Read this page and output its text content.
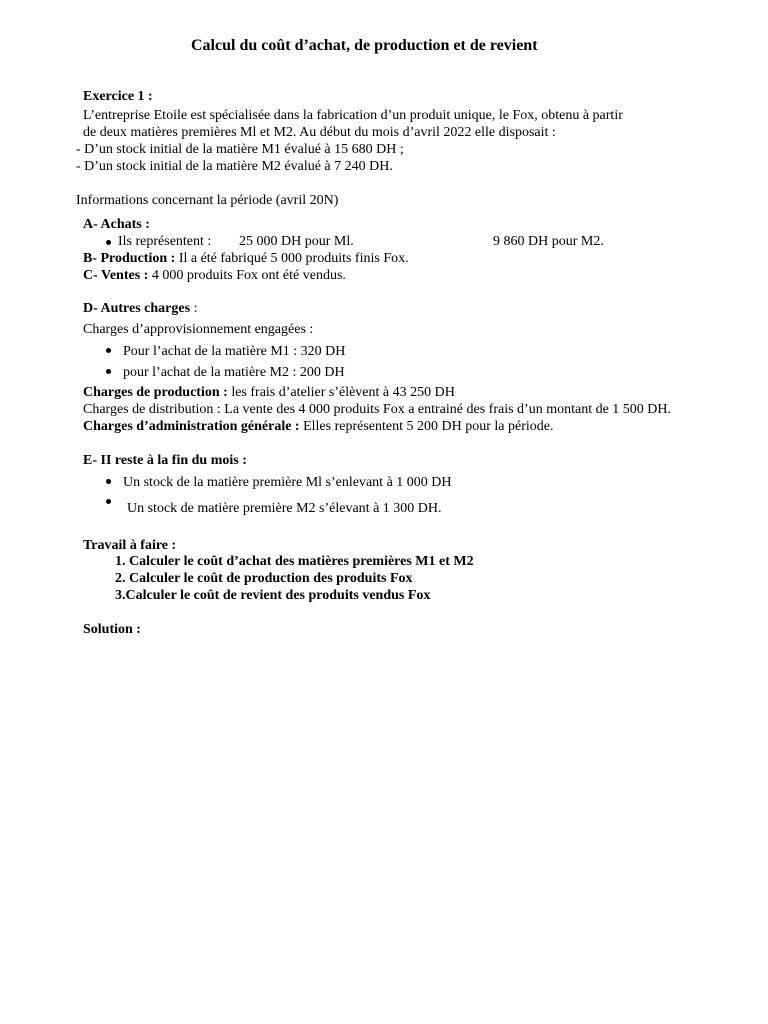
Calcul du coût d’achat, de production et de revient
Exercice 1 :
L’entreprise Etoile est spécialisée dans la fabrication d’un produit unique, le Fox, obtenu à partir
de deux matières premières Ml et M2. Au début du mois d’avril 2022 elle disposait :
- D’un stock initial de la matière M1 évalué à 15 680 DH ;
- D’un stock initial de la matière M2 évalué à 7 240 DH.
Informations concernant la période (avril 20N)
A- Achats :
Ils représentent : 25 000 DH pour Ml.	9 860 DH pour M2.
B- Production : Il a été fabriqué 5 000 produits finis Fox.
C- Ventes : 4 000 produits Fox ont été vendus.
D- Autres charges :
Charges d’approvisionnement engagées :
Pour l’achat de la matière M1 : 320 DH
pour l’achat de la matière M2 : 200 DH
Charges de production : les frais d’atelier s’élèvent à 43 250 DH
Charges de distribution : La vente des 4 000 produits Fox a entrainé des frais d’un montant de 1 500 DH.
Charges d’administration générale : Elles représentent 5 200 DH pour la période.
E- II reste à la fin du mois :
Un stock de la matière première Ml s’enlevant à 1 000 DH
Un stock de matière première M2 s’élevant à 1 300 DH.
Travail à faire :
1. Calculer le coût d’achat des matières premières M1 et M2
2. Calculer le coût de production des produits Fox
3.Calculer le coût de revient des produits vendus Fox
Solution :
